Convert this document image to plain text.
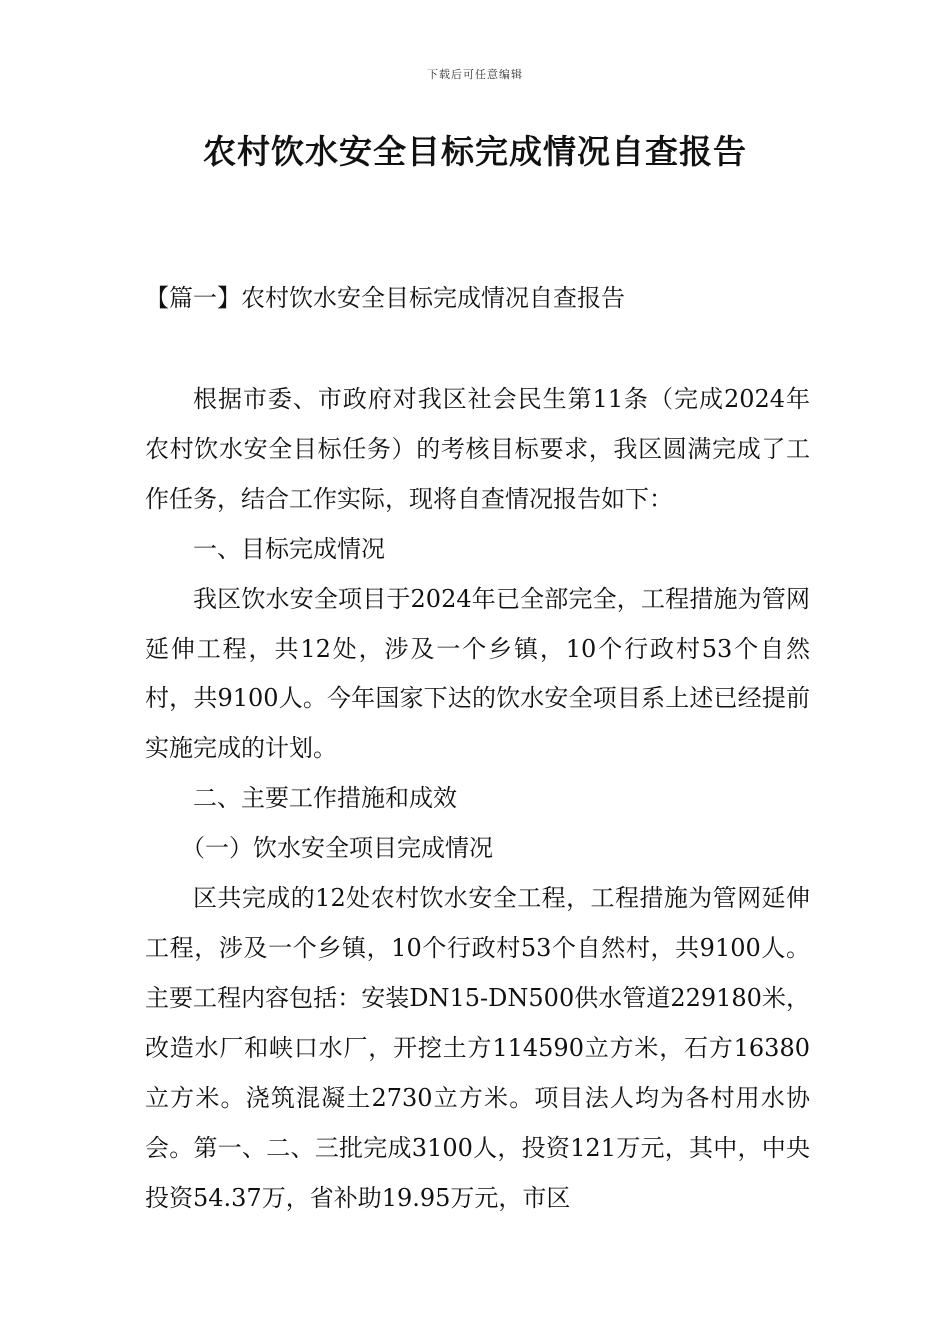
下载后可任意编辑
农村饮水安全目标完成情况自查报告
【篇一】农村饮水安全目标完成情况自查报告

根据市委、市政府对我区社会民生第11条（完成2024年农村饮水安全目标任务）的考核目标要求，我区圆满完成了工作任务，结合工作实际，现将自查情况报告如下：

一、目标完成情况

我区饮水安全项目于2024年已全部完全，工程措施为管网延伸工程，共12处，涉及一个乡镇，10个行政村53个自然村，共9100人。今年国家下达的饮水安全项目系上述已经提前实施完成的计划。

二、主要工作措施和成效

（一）饮水安全项目完成情况

区共完成的12处农村饮水安全工程，工程措施为管网延伸工程，涉及一个乡镇，10个行政村53个自然村，共9100人。主要工程内容包括：安装DN15-DN500供水管道229180米，改造水厂和峡口水厂，开挖土方114590立方米，石方16380立方米。浇筑混凝土2730立方米。项目法人均为各村用水协会。第一、二、三批完成3100人，投资121万元，其中，中央投资54.37万，省补助19.95万元，市区
